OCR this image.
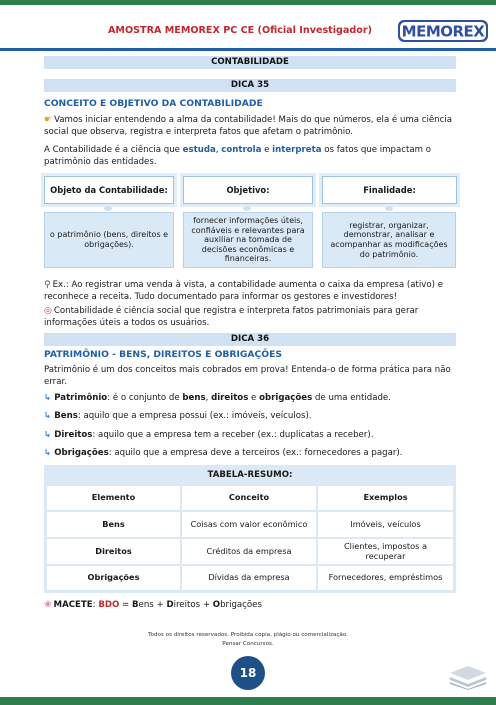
AMOSTRA MEMOREX PC CE (Oficial Investigador) MEMOREX
CONTABILIDADE
DICA 35
CONCEITO E OBJETIVO DA CONTABILIDADE
☛ Vamos iniciar entendendo a alma da contabilidade! Mais do que números, ela é uma ciência social que observa, registra e interpreta fatos que afetam o patrimônio.
A Contabilidade é a ciência que estuda, controla e interpreta os fatos que impactam o patrimônio das entidades.
Objeto da Contabilidade:	Objetivo:	Finalidade:
o patrimônio (bens, direitos e obrigações).
fornecer informações úteis, confiáveis e relevantes para auxiliar na tomada de decisões econômicas e financeiras.
registrar, organizar, demonstrar, analisar e acompanhar as modificações do patrimônio.
⚲ Ex.: Ao registrar uma venda à vista, a contabilidade aumenta o caixa da empresa (ativo) e reconhece a receita. Tudo documentado para informar os gestores e investidores!
◎ Contabilidade é ciência social que registra e interpreta fatos patrimoniais para gerar informações úteis a todos os usuários.
DICA 36
PATRIMÔNIO - BENS, DIREITOS E OBRIGAÇÕES
Patrimônio é um dos conceitos mais cobrados em prova! Entenda-o de forma prática para não errar.
↳ Patrimônio: é o conjunto de bens, direitos e obrigações de uma entidade.
↳ Bens: aquilo que a empresa possui (ex.: imóveis, veículos).
↳ Direitos: aquilo que a empresa tem a receber (ex.: duplicatas a receber).
↳ Obrigações: aquilo que a empresa deve a terceiros (ex.: fornecedores a pagar).
TABELA-RESUMO:
Elemento	Conceito	Exemplos
Bens	Coisas com valor econômico	Imóveis, veículos
Direitos	Créditos da empresa	Clientes, impostos a recuperar
Obrigações	Dívidas da empresa	Fornecedores, empréstimos
❀ MACETE: BDO = Bens + Direitos + Obrigações
Todos os direitos reservados. Proibida cópia, plágio ou comercialização.
Pensar Concursos.
18
